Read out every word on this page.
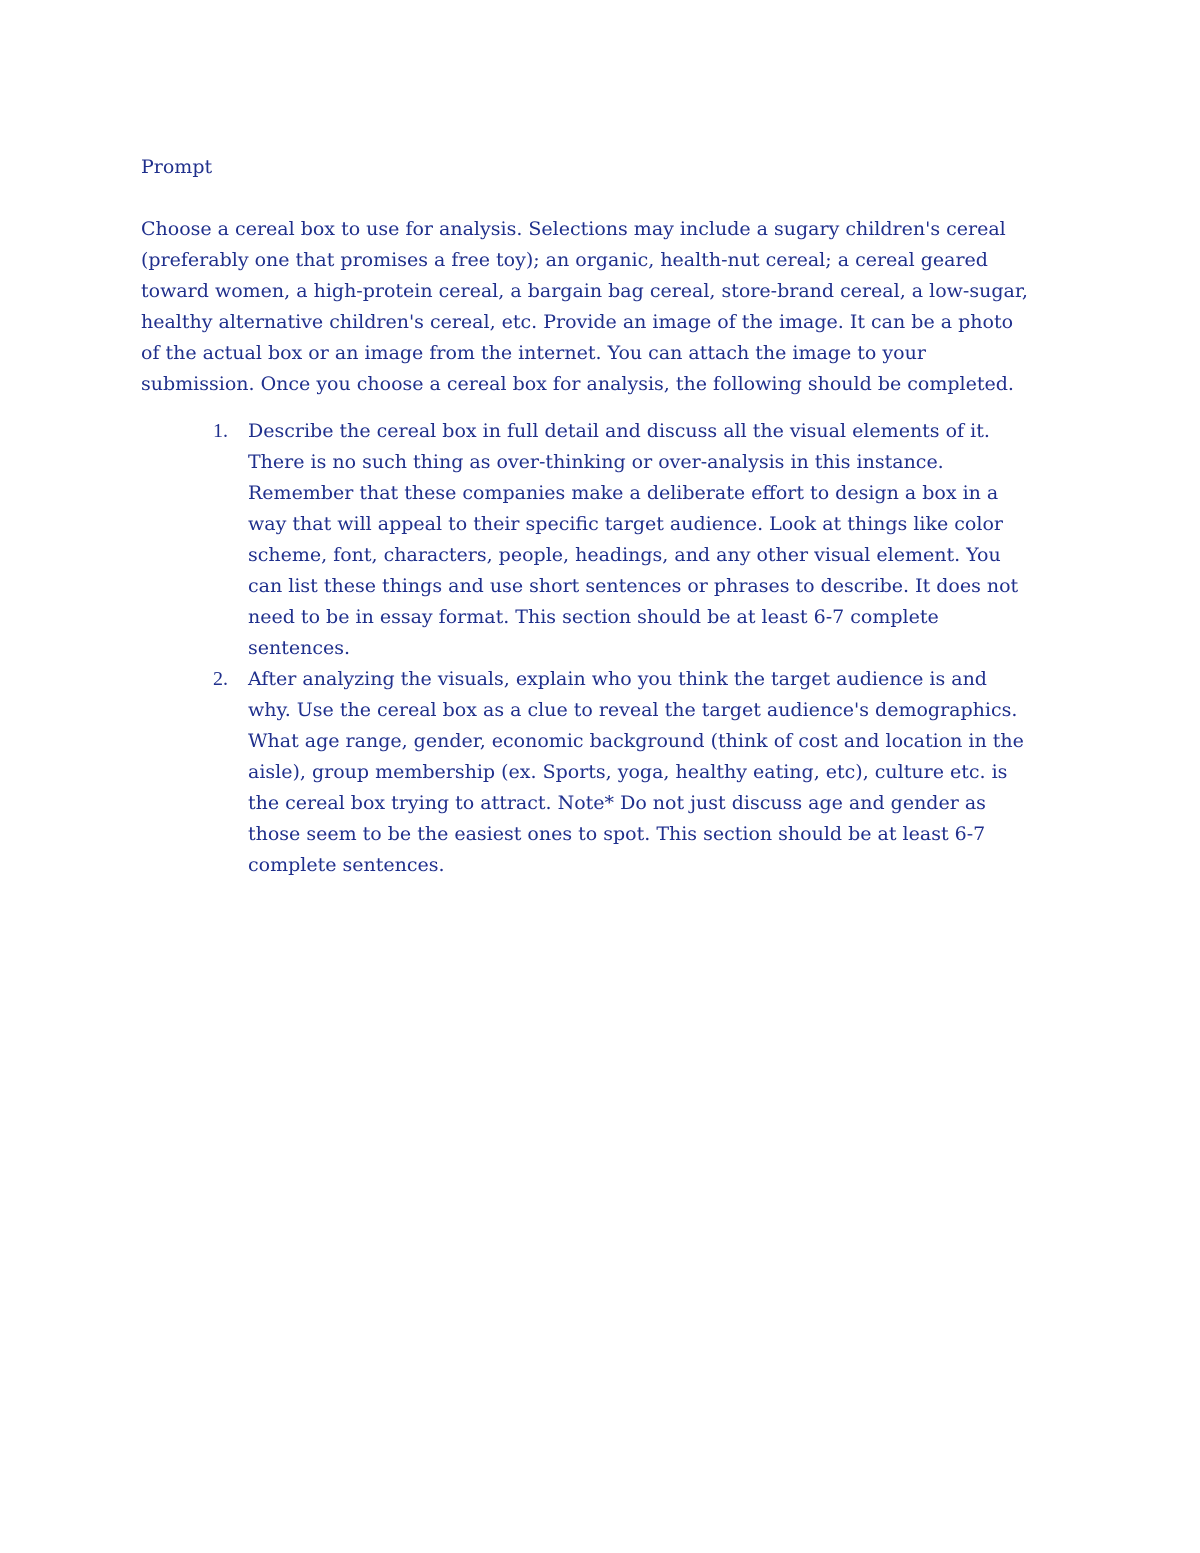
Prompt
Choose a cereal box to use for analysis. Selections may include a sugary children's cereal
(preferably one that promises a free toy); an organic, health-nut cereal; a cereal geared
toward women, a high-protein cereal, a bargain bag cereal, store-brand cereal, a low-sugar,
healthy alternative children's cereal, etc. Provide an image of the image. It can be a photo
of the actual box or an image from the internet. You can attach the image to your
submission. Once you choose a cereal box for analysis, the following should be completed.
1. Describe the cereal box in full detail and discuss all the visual elements of it.
There is no such thing as over-thinking or over-analysis in this instance.
Remember that these companies make a deliberate effort to design a box in a
way that will appeal to their specific target audience. Look at things like color
scheme, font, characters, people, headings, and any other visual element. You
can list these things and use short sentences or phrases to describe. It does not
need to be in essay format. This section should be at least 6-7 complete
sentences.
2. After analyzing the visuals, explain who you think the target audience is and
why. Use the cereal box as a clue to reveal the target audience's demographics.
What age range, gender, economic background (think of cost and location in the
aisle), group membership (ex. Sports, yoga, healthy eating, etc), culture etc. is
the cereal box trying to attract. Note* Do not just discuss age and gender as
those seem to be the easiest ones to spot. This section should be at least 6-7
complete sentences.
